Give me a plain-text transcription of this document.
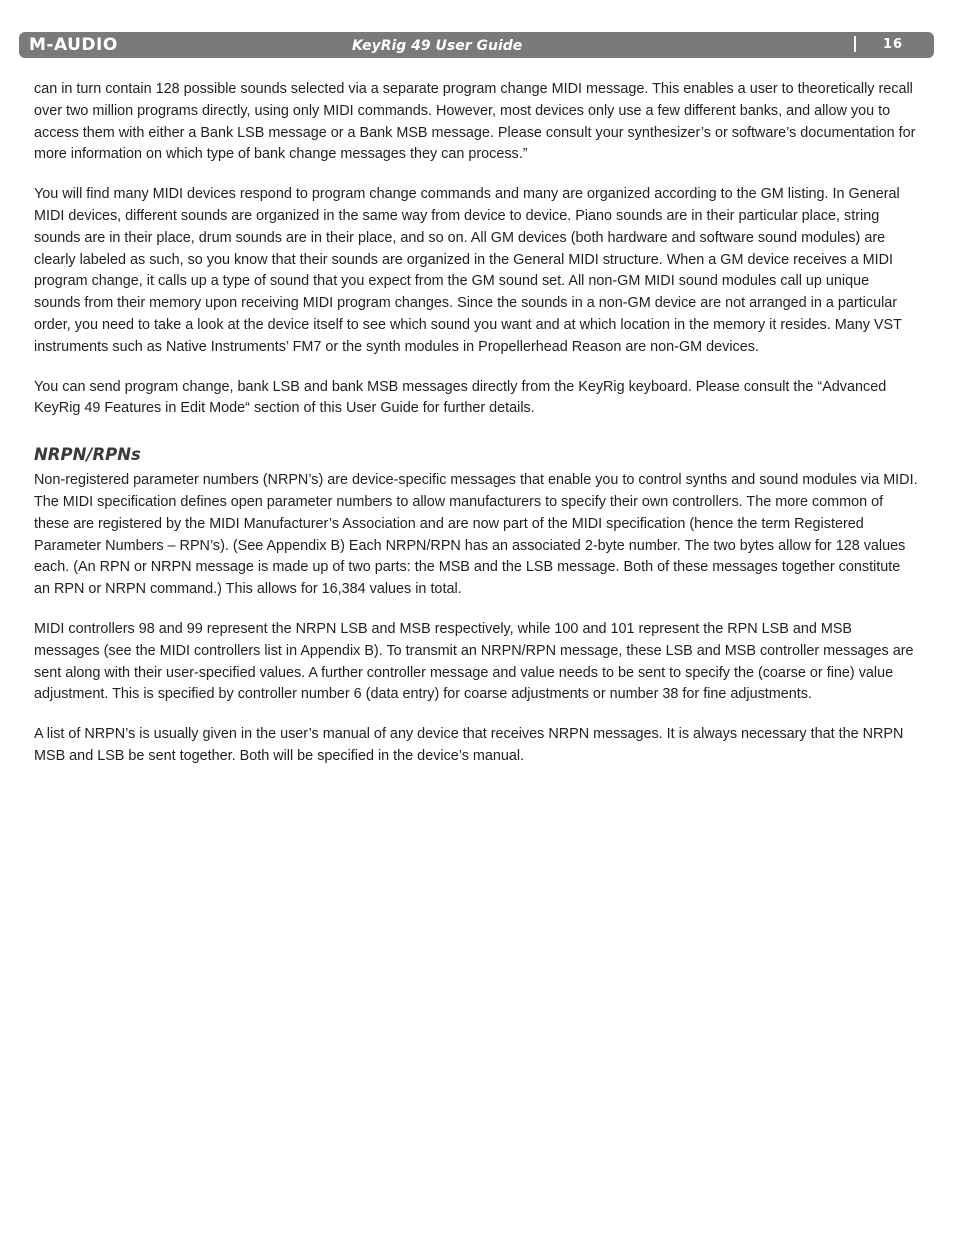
M-AUDIO	KeyRig 49 User Guide	16

can in turn contain 128 possible sounds selected via a separate program change MIDI message. This enables a user to theoretically recall over two million programs directly, using only MIDI commands. However, most devices only use a few different banks, and allow you to access them with either a Bank LSB message or a Bank MSB message. Please consult your synthesizer’s or software’s documentation for more information on which type of bank change messages they can process.”

You will find many MIDI devices respond to program change commands and many are organized according to the GM listing. In General MIDI devices, different sounds are organized in the same way from device to device. Piano sounds are in their particular place, string sounds are in their place, drum sounds are in their place, and so on. All GM devices (both hardware and software sound modules) are clearly labeled as such, so you know that their sounds are organized in the General MIDI structure. When a GM device receives a MIDI program change, it calls up a type of sound that you expect from the GM sound set. All non-GM MIDI sound modules call up unique sounds from their memory upon receiving MIDI program changes. Since the sounds in a non-GM device are not arranged in a particular order, you need to take a look at the device itself to see which sound you want and at which location in the memory it resides. Many VST instruments such as Native Instruments’ FM7 or the synth modules in Propellerhead Reason are non-GM devices.

You can send program change, bank LSB and bank MSB messages directly from the KeyRig keyboard. Please consult the “Advanced KeyRig 49 Features in Edit Mode“ section of this User Guide for further details.

NRPN/RPNs

Non-registered parameter numbers (NRPN’s) are device-specific messages that enable you to control synths and sound modules via MIDI. The MIDI specification defines open parameter numbers to allow manufacturers to specify their own controllers. The more common of these are registered by the MIDI Manufacturer’s Association and are now part of the MIDI specification (hence the term Registered Parameter Numbers – RPN’s). (See Appendix B) Each NRPN/RPN has an associated 2-byte number. The two bytes allow for 128 values each. (An RPN or NRPN message is made up of two parts: the MSB and the LSB message. Both of these messages together constitute an RPN or NRPN command.) This allows for 16,384 values in total.

MIDI controllers 98 and 99 represent the NRPN LSB and MSB respectively, while 100 and 101 represent the RPN LSB and MSB messages (see the MIDI controllers list in Appendix B). To transmit an NRPN/RPN message, these LSB and MSB controller messages are sent along with their user-specified values. A further controller message and value needs to be sent to specify the (coarse or fine) value adjustment. This is specified by controller number 6 (data entry) for coarse adjustments or number 38 for fine adjustments.

A list of NRPN’s is usually given in the user’s manual of any device that receives NRPN messages. It is always necessary that the NRPN MSB and LSB be sent together. Both will be specified in the device’s manual.
